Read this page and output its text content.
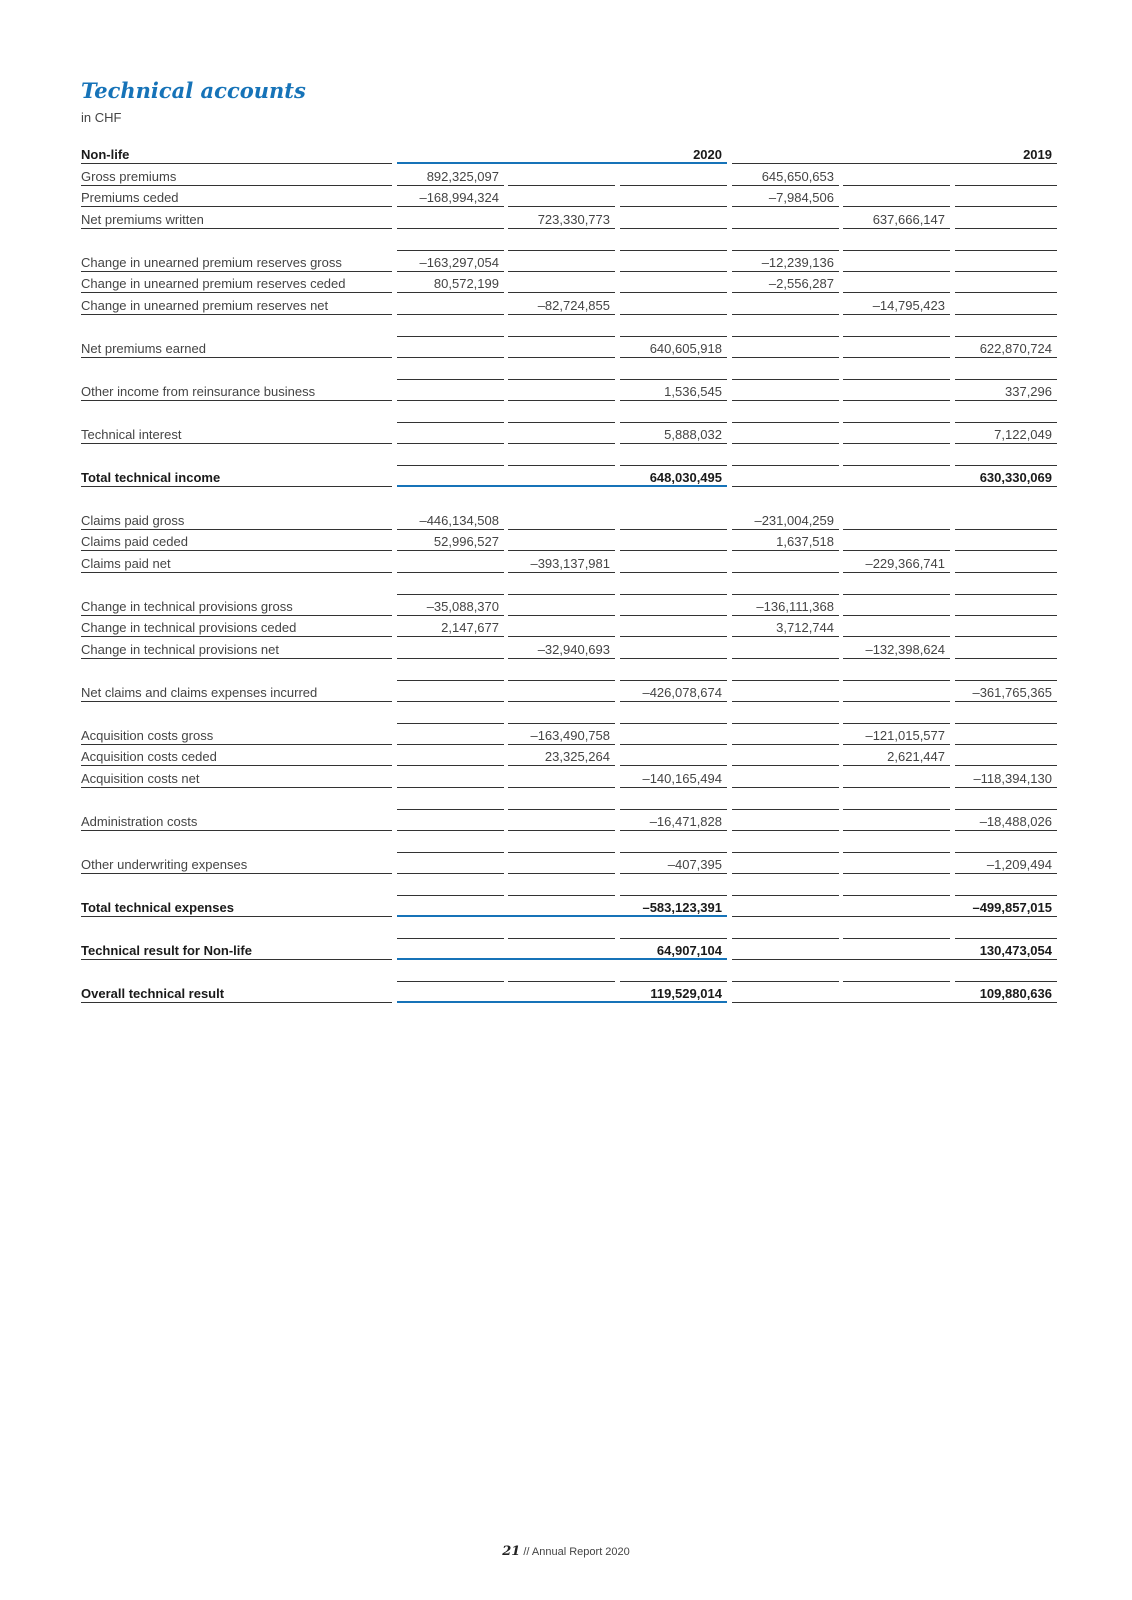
Technical accounts
in CHF
Non-life	2020	2019
Gross premiums	892,325,097	645,650,653
Premiums ceded	–168,994,324	–7,984,506
Net premiums written	723,330,773	637,666,147
Change in unearned premium reserves gross	–163,297,054	–12,239,136
Change in unearned premium reserves ceded	80,572,199	–2,556,287
Change in unearned premium reserves net	–82,724,855	–14,795,423
Net premiums earned	640,605,918	622,870,724
Other income from reinsurance business	1,536,545	337,296
Technical interest	5,888,032	7,122,049
Total technical income	648,030,495	630,330,069
Claims paid gross	–446,134,508	–231,004,259
Claims paid ceded	52,996,527	1,637,518
Claims paid net	–393,137,981	–229,366,741
Change in technical provisions gross	–35,088,370	–136,111,368
Change in technical provisions ceded	2,147,677	3,712,744
Change in technical provisions net	–32,940,693	–132,398,624
Net claims and claims expenses incurred	–426,078,674	–361,765,365
Acquisition costs gross	–163,490,758	–121,015,577
Acquisition costs ceded	23,325,264	2,621,447
Acquisition costs net	–140,165,494	–118,394,130
Administration costs	–16,471,828	–18,488,026
Other underwriting expenses	–407,395	–1,209,494
Total technical expenses	–583,123,391	–499,857,015
Technical result for Non-life	64,907,104	130,473,054
Overall technical result	119,529,014	109,880,636
21 // Annual Report 2020
